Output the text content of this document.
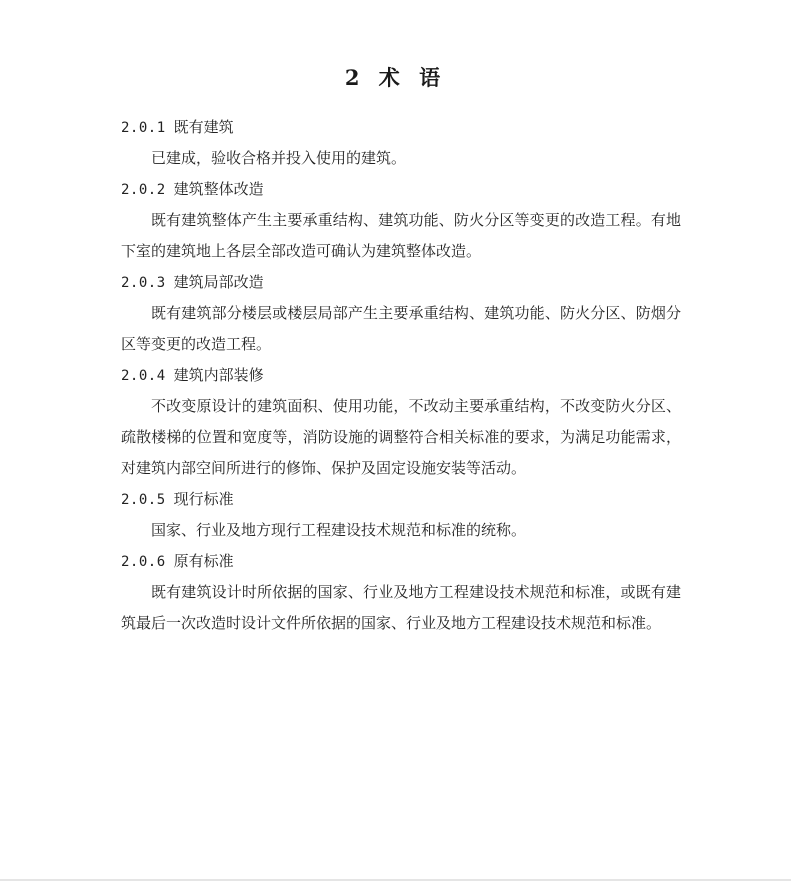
2 术 语
2.0.1 既有建筑

已建成，验收合格并投入使用的建筑。

2.0.2 建筑整体改造

既有建筑整体产生主要承重结构、建筑功能、防火分区等变更的改造工程。有地下室的建筑地上各层全部改造可确认为建筑整体改造。

2.0.3 建筑局部改造

既有建筑部分楼层或楼层局部产生主要承重结构、建筑功能、防火分区、防烟分区等变更的改造工程。

2.0.4 建筑内部装修

不改变原设计的建筑面积、使用功能，不改动主要承重结构，不改变防火分区、疏散楼梯的位置和宽度等，消防设施的调整符合相关标准的要求，为满足功能需求，对建筑内部空间所进行的修饰、保护及固定设施安装等活动。

2.0.5 现行标准

国家、行业及地方现行工程建设技术规范和标准的统称。

2.0.6 原有标准

既有建筑设计时所依据的国家、行业及地方工程建设技术规范和标准，或既有建筑最后一次改造时设计文件所依据的国家、行业及地方工程建设技术规范和标准。
